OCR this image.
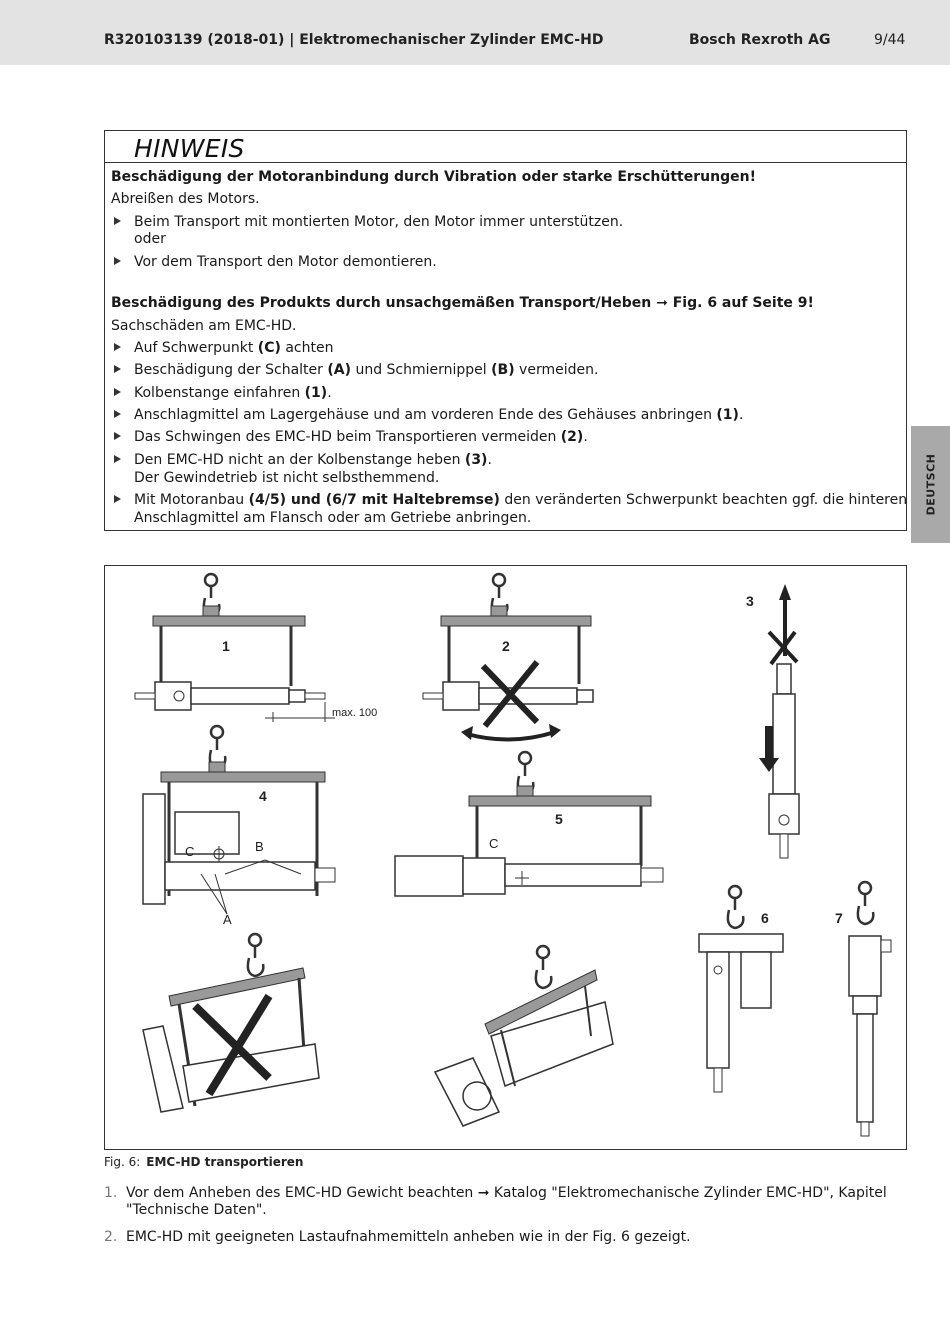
R320103139 (2018-01) | Elektromechanischer Zylinder EMC-HD	Bosch Rexroth AG	9/44
DEUTSCH
HINWEIS
Beschädigung der Motoranbindung durch Vibration oder starke Erschütterungen!
Abreißen des Motors.
Beim Transport mit montierten Motor, den Motor immer unterstützen.
oder
Vor dem Transport den Motor demontieren.
Beschädigung des Produkts durch unsachgemäßen Transport/Heben ➞ Fig. 6 auf Seite 9!
Sachschäden am EMC-HD.
Auf Schwerpunkt (C) achten
Beschädigung der Schalter (A) und Schmiernippel (B) vermeiden.
Kolbenstange einfahren (1).
Anschlagmittel am Lagergehäuse und am vorderen Ende des Gehäuses anbringen (1).
Das Schwingen des EMC-HD beim Transportieren vermeiden (2).
Den EMC-HD nicht an der Kolbenstange heben (3).
Der Gewindetrieb ist nicht selbsthemmend.
Mit Motoranbau (4/5) und (6/7 mit Haltebremse) den veränderten Schwerpunkt beachten ggf. die hinteren
Anschlagmittel am Flansch oder am Getriebe anbringen.
1	2
3
4
5
6	7
max. 100
A
B
C
C
Fig. 6: EMC-HD transportieren
1. Vor dem Anheben des EMC-HD Gewicht beachten ➞ Katalog "Elektromechanische Zylinder EMC-HD", Kapitel
"Technische Daten".
2. EMC-HD mit geeigneten Lastaufnahmemitteln anheben wie in der Fig. 6 gezeigt.
